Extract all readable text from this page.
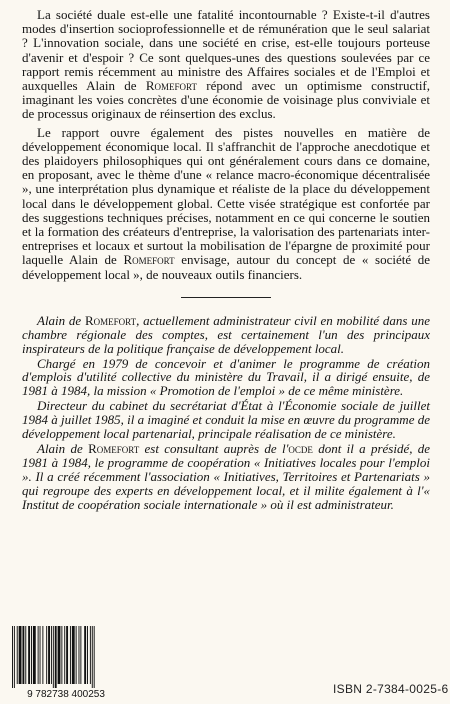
La société duale est-elle une fatalité incontournable ? Existe-t-il d'autres modes d'insertion socioprofessionnelle et de rémunération que le seul salariat ? L'innovation sociale, dans une société en crise, est-elle toujours porteuse d'avenir et d'espoir ? Ce sont quelques-unes des questions soulevées par ce rapport remis récemment au ministre des Affaires sociales et de l'Emploi et auxquelles Alain de Romefort répond avec un optimisme constructif, imaginant les voies concrètes d'une économie de voisinage plus conviviale et de processus originaux de réinsertion des exclus.

Le rapport ouvre également des pistes nouvelles en matière de développement économique local. Il s'affranchit de l'approche anecdotique et des plaidoyers philosophiques qui ont généralement cours dans ce domaine, en proposant, avec le thème d'une « relance macro-économique décentralisée », une interprétation plus dynamique et réaliste de la place du développement local dans le développement global. Cette visée stratégique est confortée par des suggestions techniques précises, notamment en ce qui concerne le soutien et la formation des créateurs d'entreprise, la valorisation des partenariats inter-entreprises et locaux et surtout la mobilisation de l'épargne de proximité pour laquelle Alain de Romefort envisage, autour du concept de « société de développement local », de nouveaux outils financiers.

Alain de Romefort, actuellement administrateur civil en mobilité dans une chambre régionale des comptes, est certainement l'un des principaux inspirateurs de la politique française de développement local.

Chargé en 1979 de concevoir et d'animer le programme de création d'emplois d'utilité collective du ministère du Travail, il a dirigé ensuite, de 1981 à 1984, la mission « Promotion de l'emploi » de ce même ministère.

Directeur du cabinet du secrétariat d'État à l'Économie sociale de juillet 1984 à juillet 1985, il a imaginé et conduit la mise en œuvre du programme de développement local partenarial, principale réalisation de ce ministère.

Alain de Romefort est consultant auprès de l'ocde dont il a présidé, de 1981 à 1984, le programme de coopération « Initiatives locales pour l'emploi ». Il a créé récemment l'association « Initiatives, Territoires et Partenariats » qui regroupe des experts en développement local, et il milite également à l'« Institut de coopération sociale internationale » où il est administrateur.

9 782738 400253	ISBN 2-7384-0025-6
